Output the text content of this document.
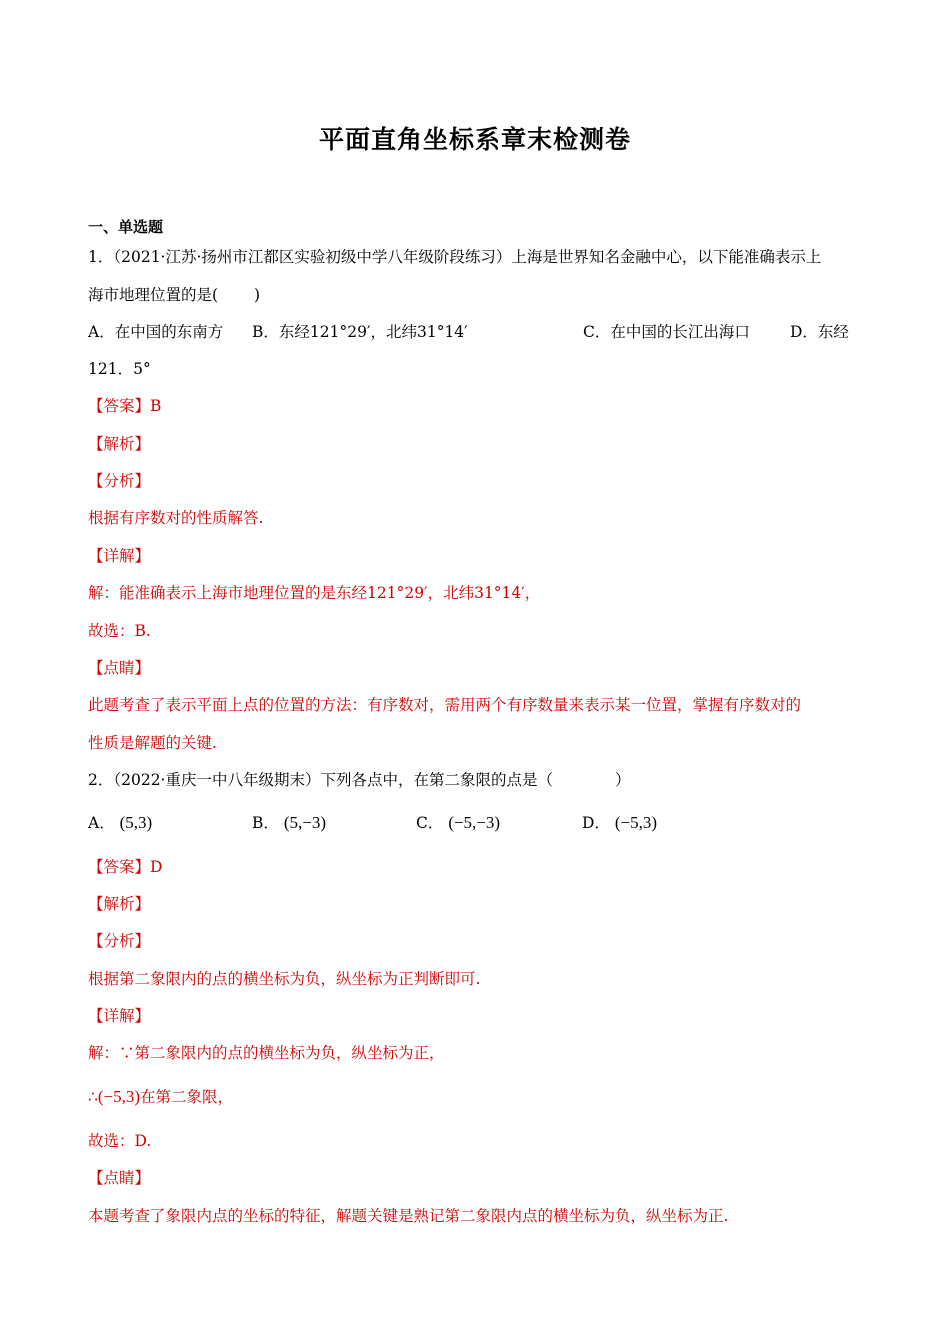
平面直角坐标系章末检测卷
一、单选题
1．（2021·江苏·扬州市江都区实验初级中学八年级阶段练习）上海是世界知名金融中心，以下能准确表示上
海市地理位置的是(　　 )
A．在中国的东南方 B．东经121°29′，北纬31°14′	C．在中国的长江出海口	D．东经
121．5°
【答案】B
【解析】
【分析】
根据有序数对的性质解答.
【详解】
解：能准确表示上海市地理位置的是东经121°29′，北纬31°14′，
故选：B.
【点睛】
此题考查了表示平面上点的位置的方法：有序数对，需用两个有序数量来表示某一位置，掌握有序数对的
性质是解题的关键.
2．（2022·重庆一中八年级期末）下列各点中，在第二象限的点是（　　　　）
A． (5,3)	B． (5,−3)	C． (−5,−3)	D． (−5,3)
【答案】D
【解析】
【分析】
根据第二象限内的点的横坐标为负，纵坐标为正判断即可.
【详解】
解：∵第二象限内的点的横坐标为负，纵坐标为正，
∴(−5,3)在第二象限，
故选：D.
【点睛】
本题考查了象限内点的坐标的特征，解题关键是熟记第二象限内点的横坐标为负，纵坐标为正.
